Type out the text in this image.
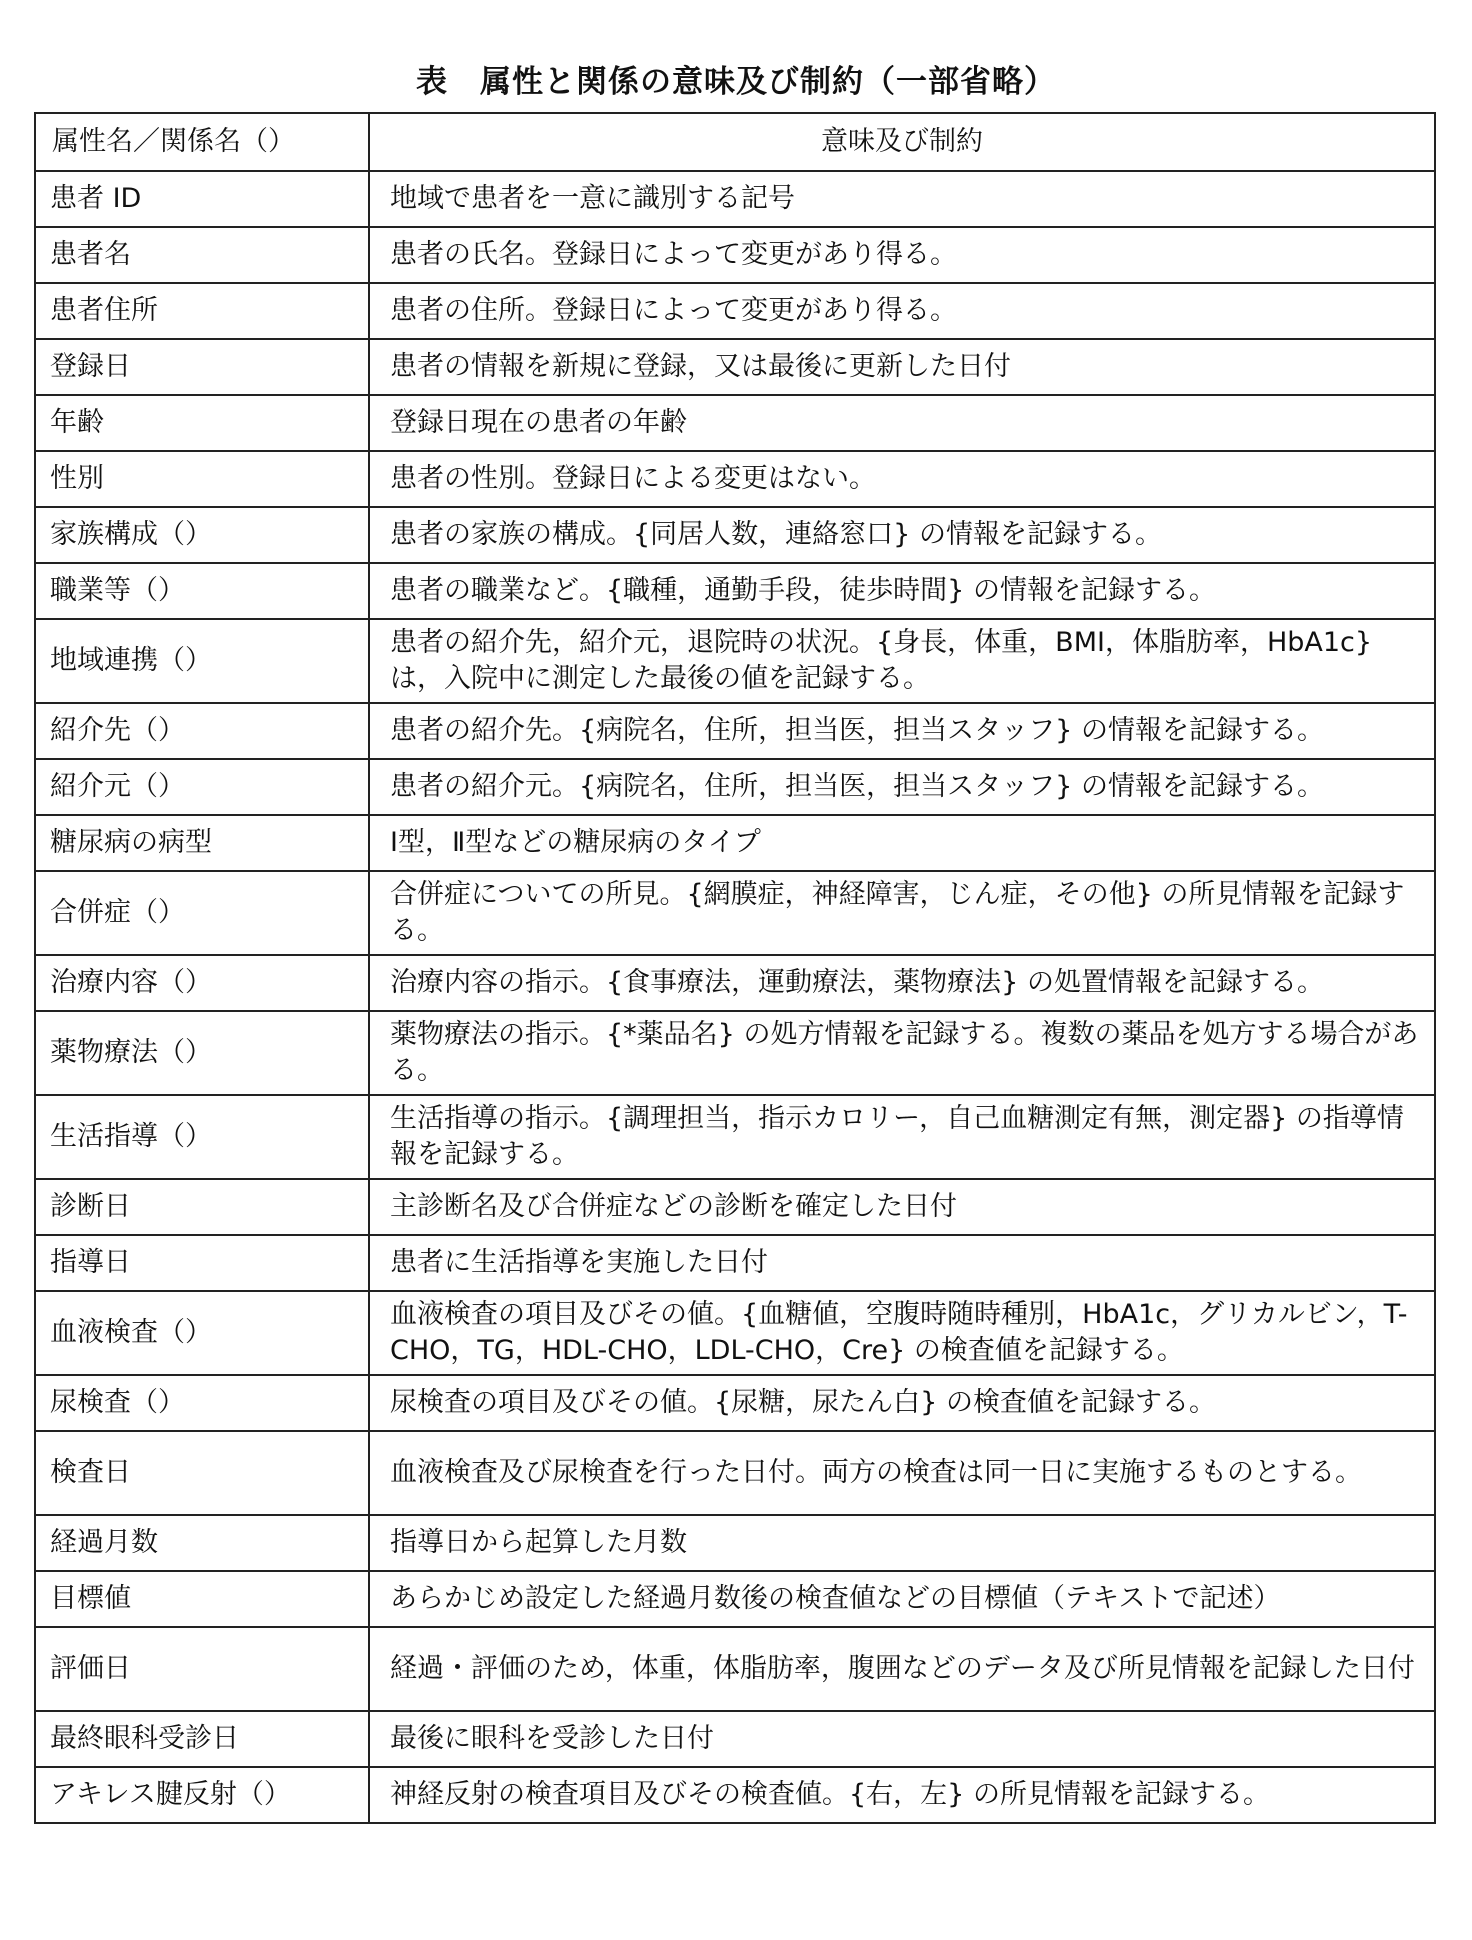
表　属性と関係の意味及び制約（一部省略）
属性名／関係名（）	意味及び制約
患者 ID	地域で患者を一意に識別する記号
患者名	患者の氏名。登録日によって変更があり得る。
患者住所	患者の住所。登録日によって変更があり得る。
登録日	患者の情報を新規に登録，又は最後に更新した日付
年齢	登録日現在の患者の年齢
性別	患者の性別。登録日による変更はない。
家族構成（）	患者の家族の構成。{同居人数，連絡窓口} の情報を記録する。
職業等（）	患者の職業など。{職種，通勤手段，徒歩時間} の情報を記録する。
地域連携（）	患者の紹介先，紹介元，退院時の状況。{身長，体重，BMI，体脂肪率，HbA1c} は，入院中に測定した最後の値を記録する。
紹介先（）	患者の紹介先。{病院名，住所，担当医，担当スタッフ} の情報を記録する。
紹介元（）	患者の紹介元。{病院名，住所，担当医，担当スタッフ} の情報を記録する。
糖尿病の病型	Ⅰ型，Ⅱ型などの糖尿病のタイプ
合併症（）	合併症についての所見。{網膜症，神経障害，じん症，その他} の所見情報を記録する。
治療内容（）	治療内容の指示。{食事療法，運動療法，薬物療法} の処置情報を記録する。
薬物療法（）	薬物療法の指示。{*薬品名} の処方情報を記録する。複数の薬品を処方する場合がある。
生活指導（）	生活指導の指示。{調理担当，指示カロリー，自己血糖測定有無，測定器} の指導情報を記録する。
診断日	主診断名及び合併症などの診断を確定した日付
指導日	患者に生活指導を実施した日付
血液検査（）	血液検査の項目及びその値。{血糖値，空腹時随時種別，HbA1c，グリカルビン，T-CHO，TG，HDL-CHO，LDL-CHO，Cre} の検査値を記録する。
尿検査（）	尿検査の項目及びその値。{尿糖，尿たん白} の検査値を記録する。
検査日	血液検査及び尿検査を行った日付。両方の検査は同一日に実施するものとする。
経過月数	指導日から起算した月数
目標値	あらかじめ設定した経過月数後の検査値などの目標値（テキストで記述）
評価日	経過・評価のため，体重，体脂肪率，腹囲などのデータ及び所見情報を記録した日付
最終眼科受診日	最後に眼科を受診した日付
アキレス腱反射（）	神経反射の検査項目及びその検査値。{右，左} の所見情報を記録する。
